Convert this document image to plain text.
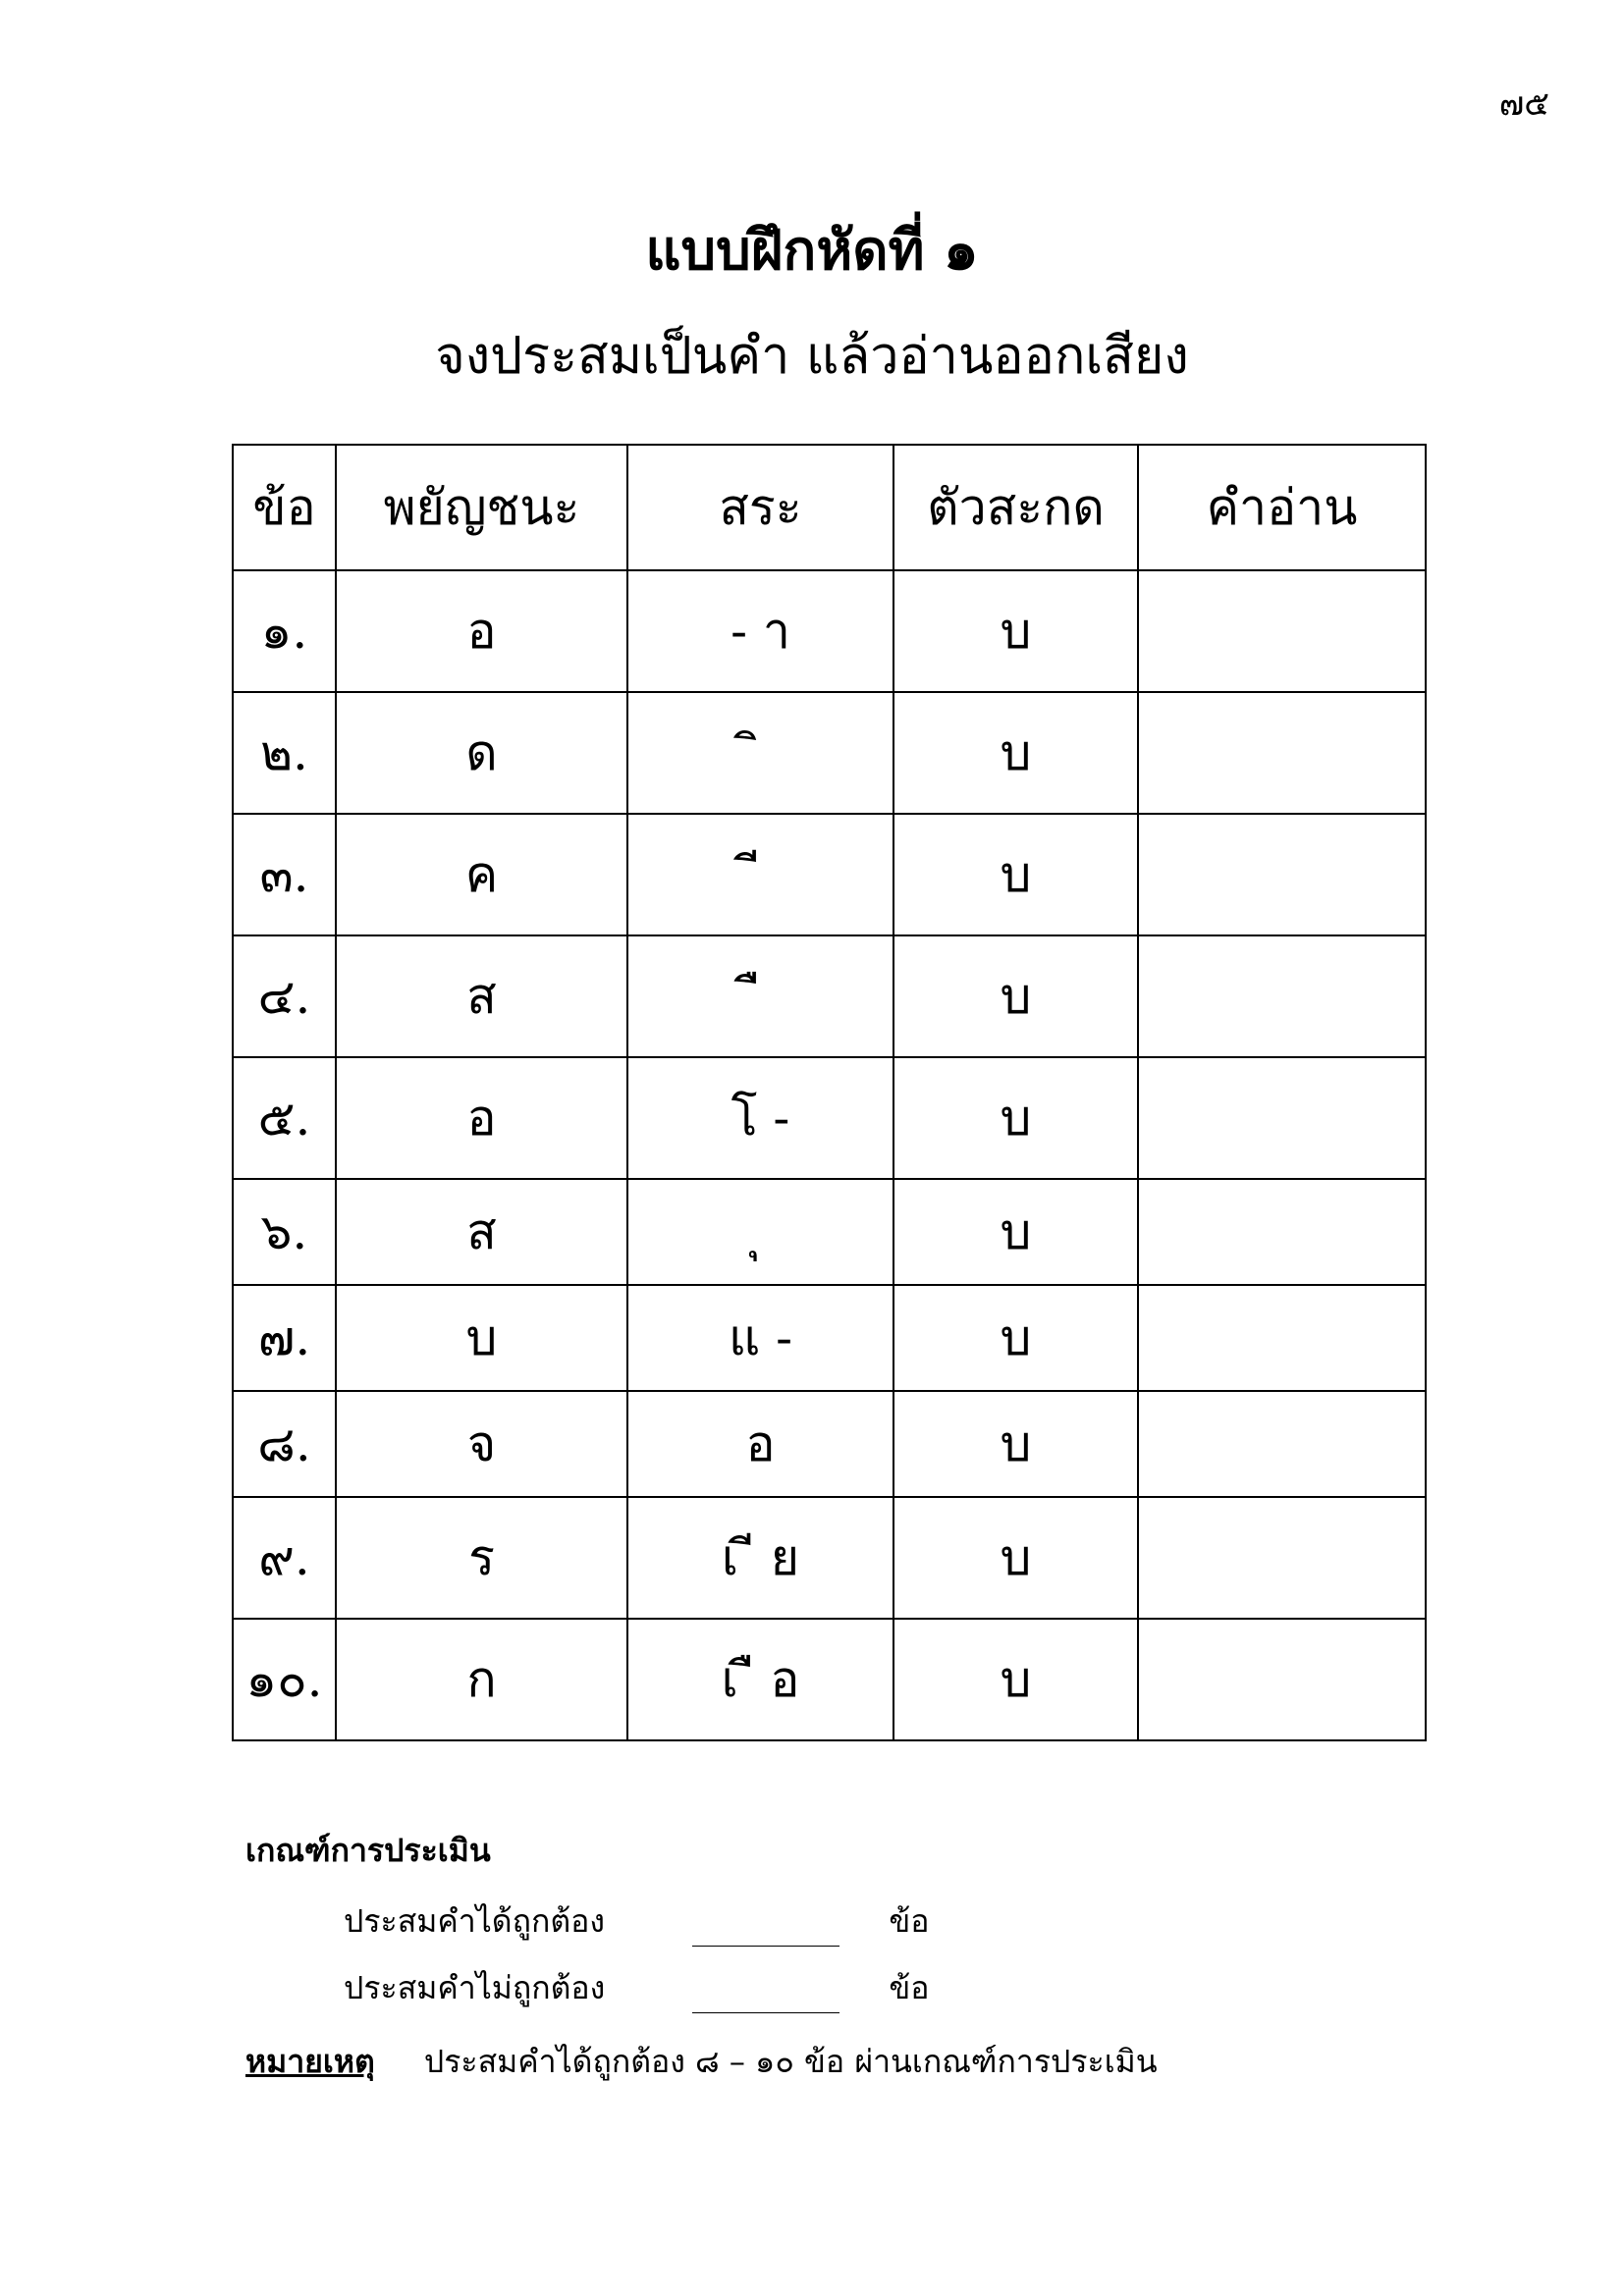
๗๕
แบบฝึกหัดที่ ๑
จงประสมเป็นคำ แล้วอ่านออกเสียง
ข้อ	พยัญชนะ	สระ	ตัวสะกด	คำอ่าน
๑.	อ	- า	บ	
๒.	ด		บ	
๓.	ค		บ	
๔.	ส		บ	
๕.	อ	โ -	บ	
๖.	ส		บ	
๗.	บ	แ -	บ	
๘.	จ	อ	บ	
๙.	ร	เ ี ย	บ	
๑๐.	ก	เ ื อ	บ	
เกณฑ์การประเมิน
ประสมคำได้ถูกต้อง	ข้อ
ประสมคำไม่ถูกต้อง	ข้อ
หมายเหตุ ประสมคำได้ถูกต้อง ๘ – ๑๐ ข้อ ผ่านเกณฑ์การประเมิน
